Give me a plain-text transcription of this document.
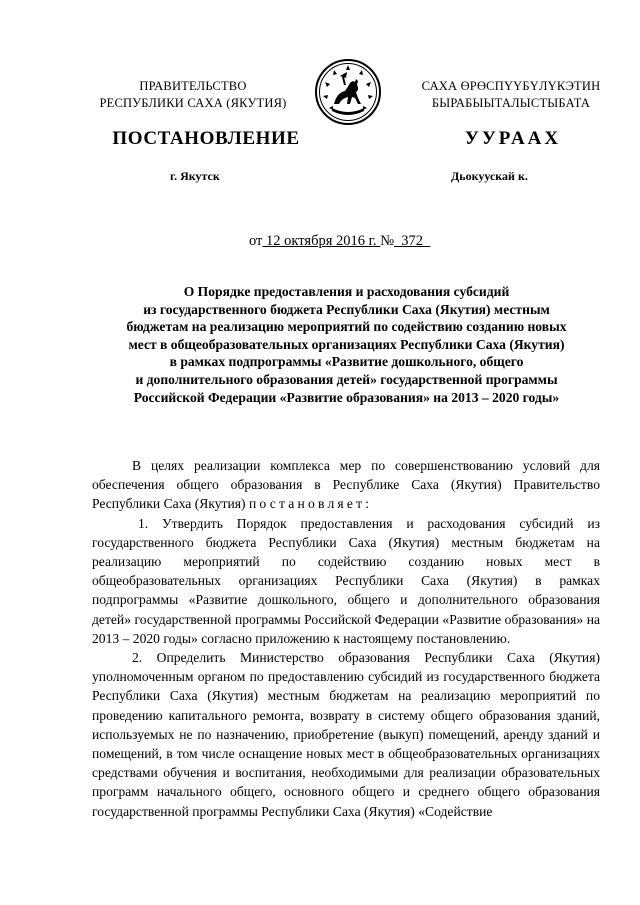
ПРАВИТЕЛЬСТВО
РЕСПУБЛИКИ САХА (ЯКУТИЯ)
САХА ӨРӨСПҮҮБҮЛҮКЭТИН
БЫРАБЫЫТАЛЫСТЫБАТА
ПОСТАНОВЛЕНИЕ	УУРААХ
г. Якутск	Дьокуускай к.
от 12 октября 2016 г. № 372
О Порядке предоставления и расходования субсидий
из государственного бюджета Республики Саха (Якутия) местным
бюджетам на реализацию мероприятий по содействию созданию новых
мест в общеобразовательных организациях Республики Саха (Якутия)
в рамках подпрограммы «Развитие дошкольного, общего
и дополнительного образования детей» государственной программы
Российской Федерации «Развитие образования» на 2013 – 2020 годы»

В целях реализации комплекса мер по совершенствованию условий для обеспечения общего образования в Республике Саха (Якутия) Правительство Республики Саха (Якутия) постановляет:

1. Утвердить Порядок предоставления и расходования субсидий из государственного бюджета Республики Саха (Якутия) местным бюджетам на реализацию мероприятий по содействию созданию новых мест в общеобразовательных организациях Республики Саха (Якутия) в рамках подпрограммы «Развитие дошкольного, общего и дополнительного образования детей» государственной программы Российской Федерации «Развитие образования» на 2013 – 2020 годы» согласно приложению к настоящему постановлению.

2. Определить Министерство образования Республики Саха (Якутия) уполномоченным органом по предоставлению субсидий из государственного бюджета Республики Саха (Якутия) местным бюджетам на реализацию мероприятий по проведению капитального ремонта, возврату в систему общего образования зданий, используемых не по назначению, приобретение (выкуп) помещений, аренду зданий и помещений, в том числе оснащение новых мест в общеобразовательных организациях средствами обучения и воспитания, необходимыми для реализации образовательных программ начального общего, основного общего и среднего общего образования государственной программы Республики Саха (Якутия) «Содействие
